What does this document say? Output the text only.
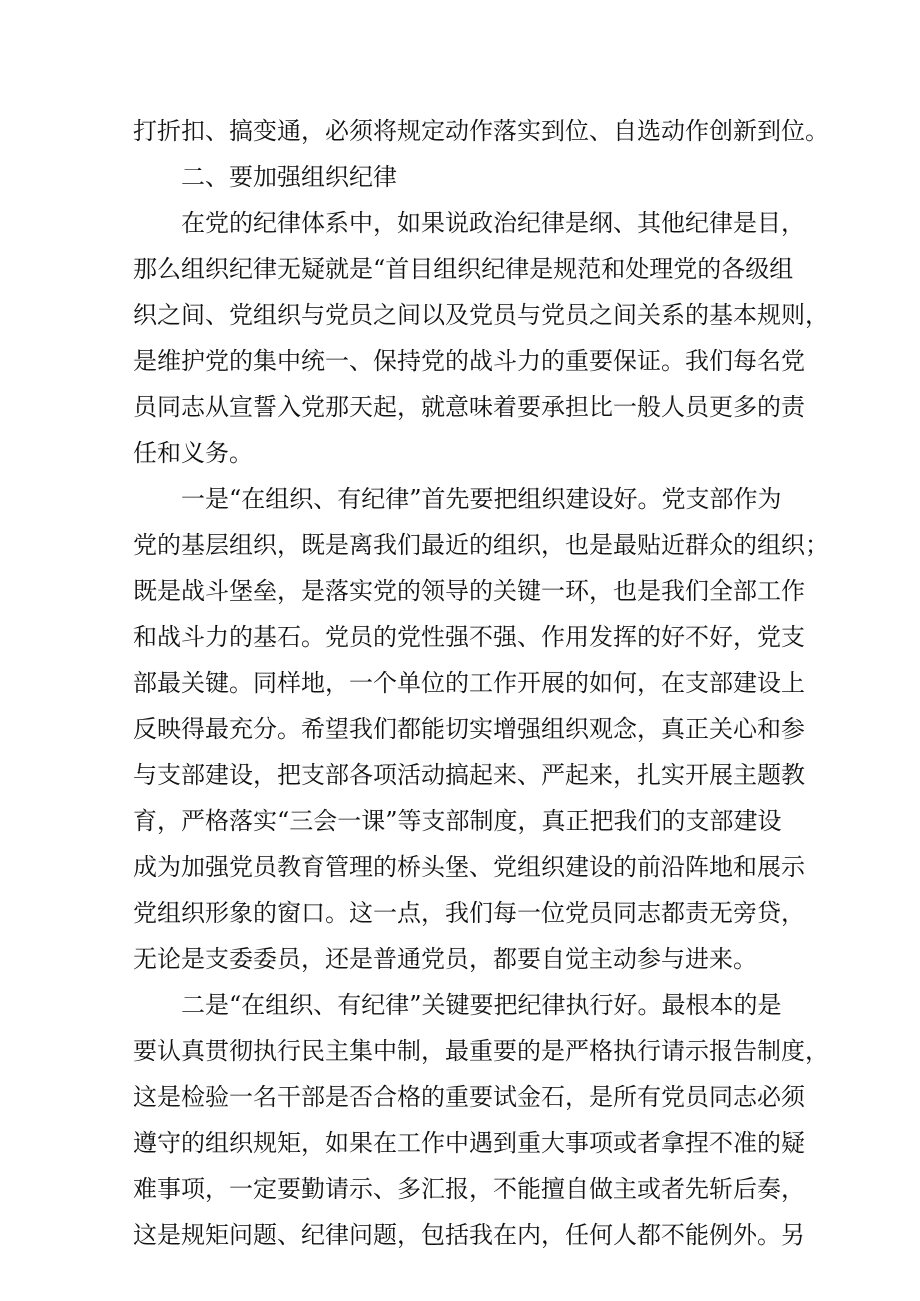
打折扣、搞变通，必须将规定动作落实到位、自选动作创新到位。
二、要加强组织纪律
在党的纪律体系中，如果说政治纪律是纲、其他纪律是目，
那么组织纪律无疑就是“首目组织纪律是规范和处理党的各级组
织之间、党组织与党员之间以及党员与党员之间关系的基本规则，
是维护党的集中统一、保持党的战斗力的重要保证。我们每名党
员同志从宣誓入党那天起，就意味着要承担比一般人员更多的责
任和义务。
一是“在组织、有纪律”首先要把组织建设好。党支部作为
党的基层组织，既是离我们最近的组织，也是最贴近群众的组织；
既是战斗堡垒，是落实党的领导的关键一环，也是我们全部工作
和战斗力的基石。党员的党性强不强、作用发挥的好不好，党支
部最关键。同样地，一个单位的工作开展的如何，在支部建设上
反映得最充分。希望我们都能切实增强组织观念，真正关心和参
与支部建设，把支部各项活动搞起来、严起来，扎实开展主题教
育，严格落实“三会一课”等支部制度，真正把我们的支部建设
成为加强党员教育管理的桥头堡、党组织建设的前沿阵地和展示
党组织形象的窗口。这一点，我们每一位党员同志都责无旁贷，
无论是支委委员，还是普通党员，都要自觉主动参与进来。
二是“在组织、有纪律”关键要把纪律执行好。最根本的是
要认真贯彻执行民主集中制，最重要的是严格执行请示报告制度，
这是检验一名干部是否合格的重要试金石，是所有党员同志必须
遵守的组织规矩，如果在工作中遇到重大事项或者拿捏不准的疑
难事项，一定要勤请示、多汇报，不能擅自做主或者先斩后奏，
这是规矩问题、纪律问题，包括我在内，任何人都不能例外。另
